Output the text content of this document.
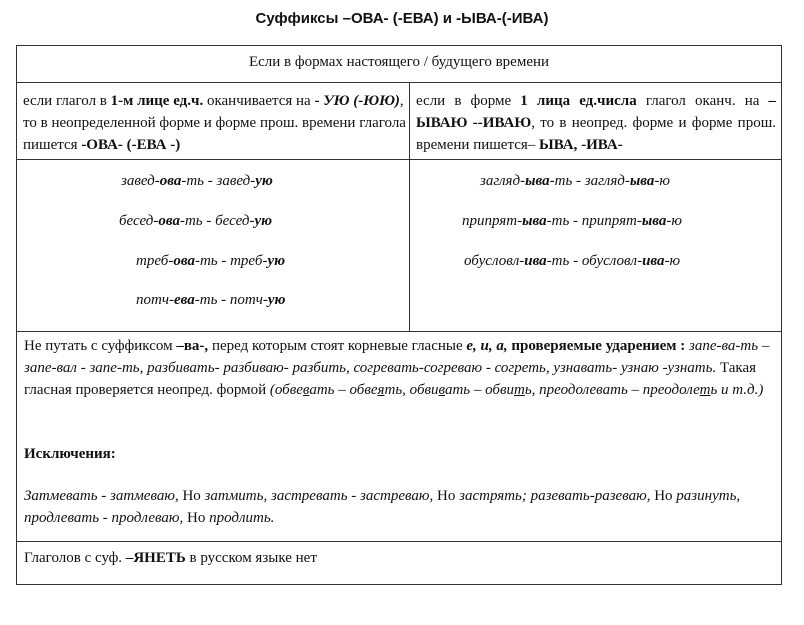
Суффиксы –ОВА- (-ЕВА) и -ЫВА-(-ИВА)
Если в формах настоящего / будущего времени
если глагол в 1-м лице ед.ч. оканчивается на - УЮ (-ЮЮ), то в неопределенной форме и форме прош. времени глагола пишется -ОВА- (-ЕВА -)
если в форме 1 лица ед.числа глагол оканч. на –ЫВАЮ --ИВАЮ, то в неопред. форме и форме прош. времени пишется– ЫВА, -ИВА-
завед-ова-ть - завед-ую
бесед-ова-ть - бесед-ую
треб-ова-ть - треб-ую
потч-ева-ть - потч-ую
загляд-ыва-ть - загляд-ыва-ю
припрят-ыва-ть - припрят-ыва-ю
обусловл-ива-ть - обусловл-ива-ю
Не путать с суффиксом –ва-, перед которым стоят корневые гласные е, и, а, проверяемые ударением : запе-ва-ть – запе-вал - запе-ть, разбивать- разбиваю- разбить, согревать-согреваю - согреть, узнавать- узнаю -узнать. Такая гласная проверяется неопред. формой (обвевать – обвеять, обвивать – обвить, преодолевать – преодолеть и т.д.)
Исключения:
Затмевать - затмеваю, Но затмить, застревать - застреваю, Но застрять; разевать-разеваю, Но разинуть, продлевать - продлеваю, Но продлить.
Глаголов с суф. –ЯНЕТЬ в русском языке нет
